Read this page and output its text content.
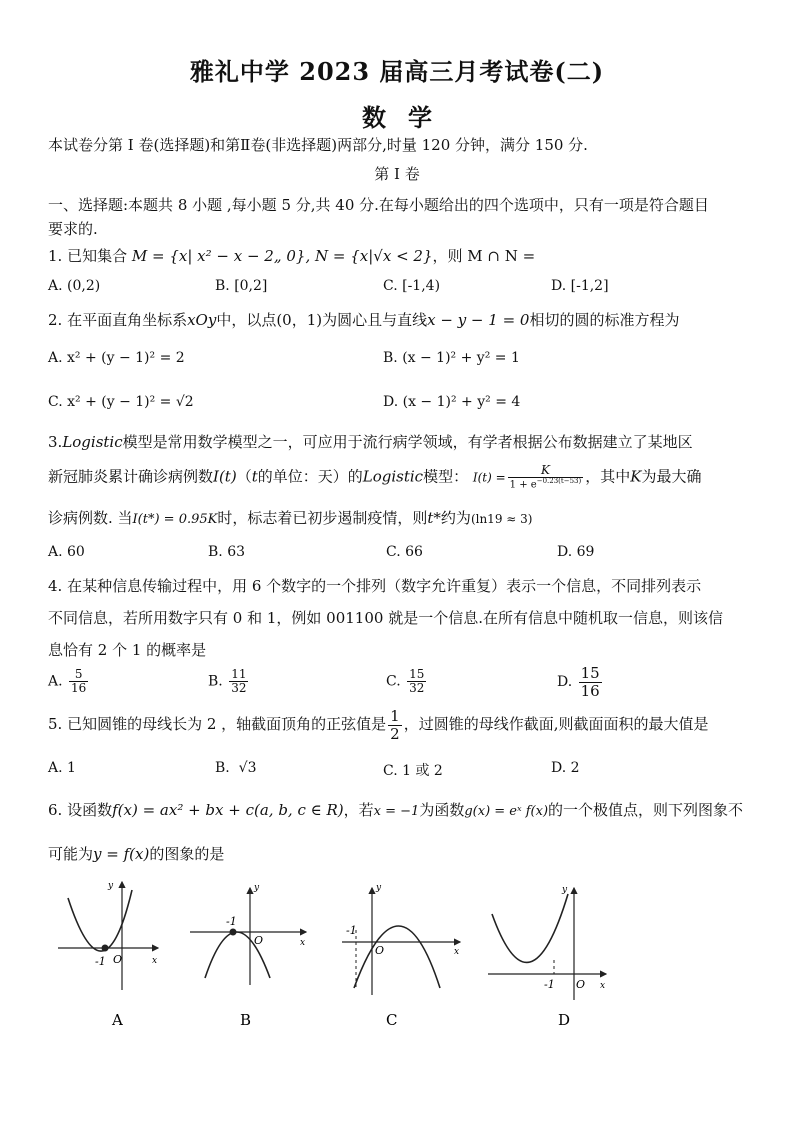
雅礼中学 2023 届高三月考试卷(二)
数学
本试卷分第 I 卷(选择题)和第Ⅱ卷(非选择题)两部分,时量 120 分钟，满分 150 分.
第 I 卷
一、选择题:本题共 8 小题 ,每小题 5 分,共 40 分.在每小题给出的四个选项中，只有一项是符合题目
要求的.
1. 已知集合 M = {x| x² − x − 2„ 0}, N = {x|√x < 2}，则 M ∩ N =
A. (0,2)	B. [0,2]	C. [-1,4)	D. [-1,2]
2. 在平面直角坐标系xOy中，以点(0，1)为圆心且与直线x − y − 1 = 0相切的圆的标准方程为
A. x² + (y − 1)² = 2	B. (x − 1)² + y² = 1
C. x² + (y − 1)² = √2	D. (x − 1)² + y² = 4
3.Logistic模型是常用数学模型之一，可应用于流行病学领域，有学者根据公布数据建立了某地区
新冠肺炎累计确诊病例数I(t)（t的单位：天）的Logistic模型： $I(t) = \frac{K}{1 + e^{-0.23(t-53)}}$ ，其中K为最大确
诊病例数. 当I(t*) = 0.95K时，标志着已初步遏制疫情，则t*约为(ln19 ≈ 3)
A. 60	B. 63	C. 66	D. 69
4. 在某种信息传输过程中，用 6 个数字的一个排列（数字允许重复）表示一个信息，不同排列表示
不同信息，若所用数字只有 0 和 1，例如 001100 就是一个信息.在所有信息中随机取一信息，则该信
息恰有 2 个 1 的概率是
A. $\frac{5}{16}$	B. $\frac{11}{32}$	C. $\frac{15}{32}$	D. $\frac{15}{16}$
5. 已知圆锥的母线长为 2 ，轴截面顶角的正弦值是 $\frac{1}{2}$ ，过圆锥的母线作截面,则截面面积的最大值是
A. 1	B. √3	C. 1 或 2	D. 2
6. 设函数f(x) = ax² + bx + c(a, b, c ∈ R)，若x = −1为函数g(x) = eˣ f(x)的一个极值点，则下列图象不
可能为y = f(x)的图象的是
-1 O	x
y
A
-1
O	x
y
B
-1
O	x
y
C
-1 O x
y
D
